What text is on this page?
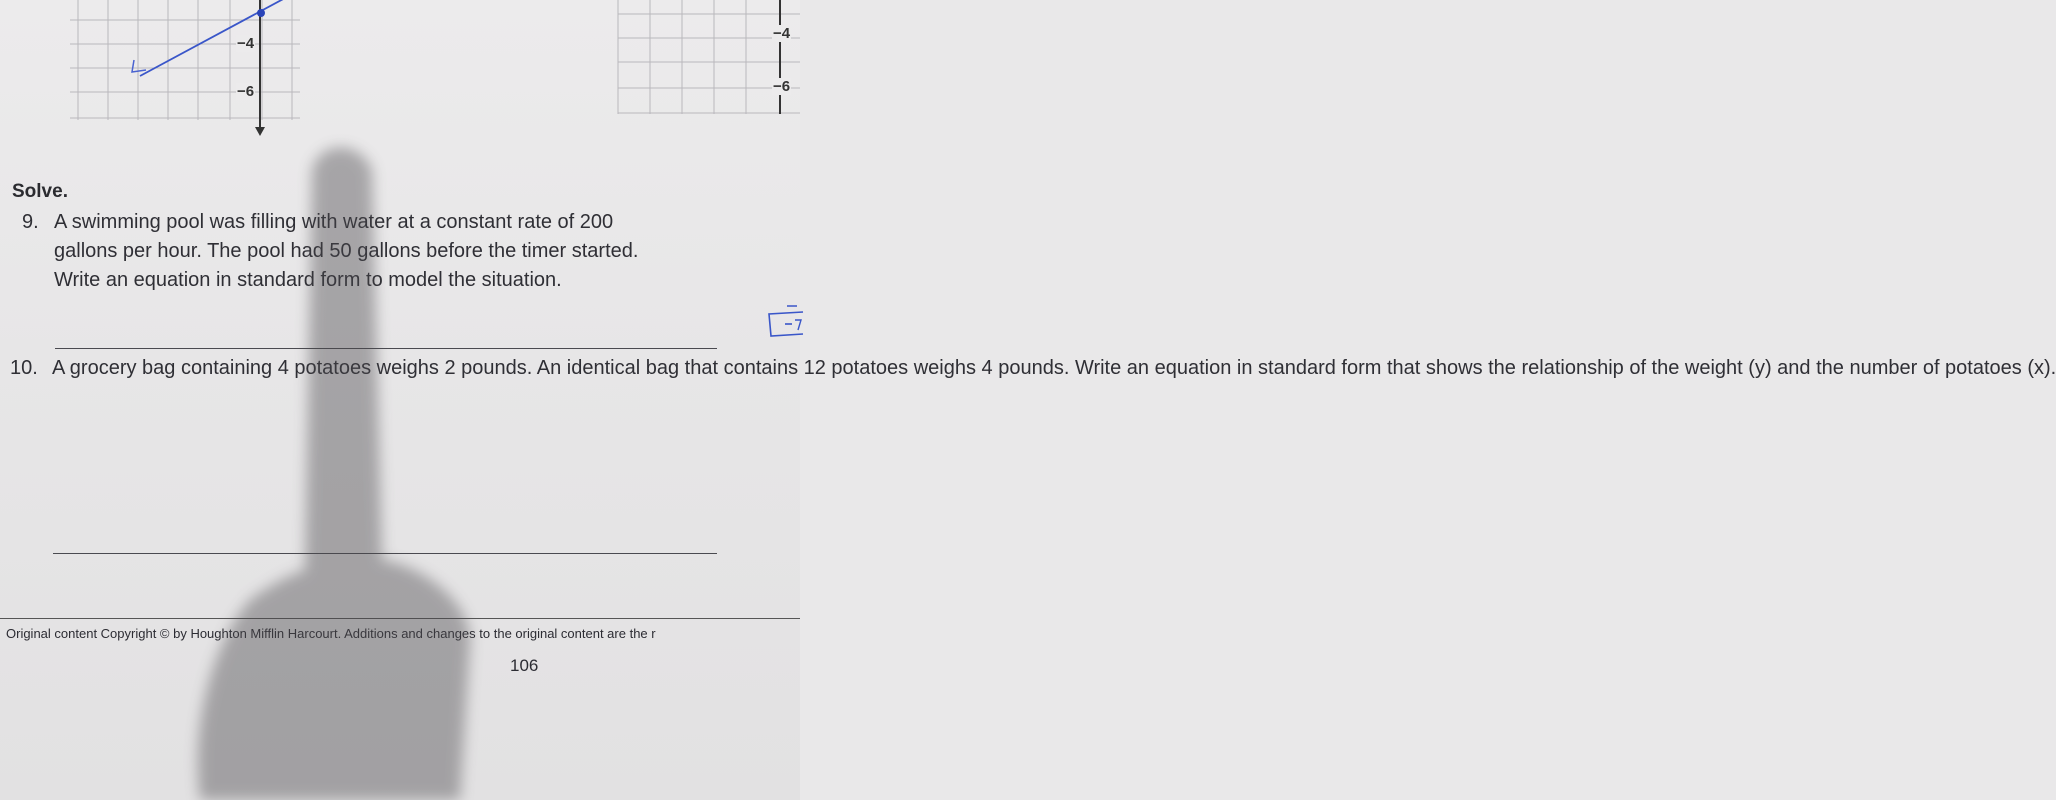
−4
−6
−4
−6
Solve.
9. A swimming pool was filling with water at a constant rate of 200
gallons per hour. The pool had 50 gallons before the timer started.
Write an equation in standard form to model the situation.
10. A grocery bag containing 4 potatoes weighs 2 pounds. An identical bag that contains 12 potatoes weighs 4 pounds. Write an equation in standard form that shows the relationship of the weight (y) and the number of potatoes (x).
Original content Copyright © by Houghton Mifflin Harcourt. Additions and changes to the original content are the r
106
